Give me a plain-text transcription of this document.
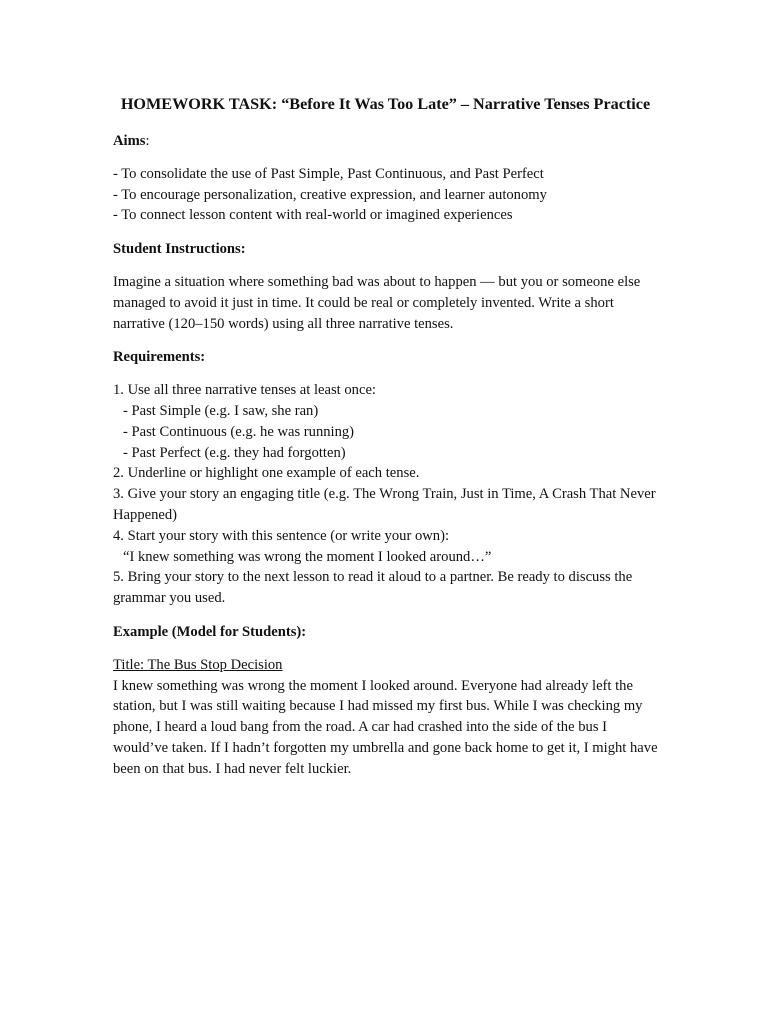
HOMEWORK TASK: “Before It Was Too Late” – Narrative Tenses Practice

Aims:

- To consolidate the use of Past Simple, Past Continuous, and Past Perfect

- To encourage personalization, creative expression, and learner autonomy

- To connect lesson content with real-world or imagined experiences

Student Instructions:

Imagine a situation where something bad was about to happen — but you or someone else managed to avoid it just in time. It could be real or completely invented. Write a short narrative (120–150 words) using all three narrative tenses.

Requirements:

1. Use all three narrative tenses at least once:

- Past Simple (e.g. I saw, she ran)

- Past Continuous (e.g. he was running)

- Past Perfect (e.g. they had forgotten)

2. Underline or highlight one example of each tense.

3. Give your story an engaging title (e.g. The Wrong Train, Just in Time, A Crash That Never Happened)

4. Start your story with this sentence (or write your own):

“I knew something was wrong the moment I looked around…”

5. Bring your story to the next lesson to read it aloud to a partner. Be ready to discuss the grammar you used.

Example (Model for Students):

Title: The Bus Stop Decision

I knew something was wrong the moment I looked around. Everyone had already left the station, but I was still waiting because I had missed my first bus. While I was checking my phone, I heard a loud bang from the road. A car had crashed into the side of the bus I would’ve taken. If I hadn’t forgotten my umbrella and gone back home to get it, I might have been on that bus. I had never felt luckier.
